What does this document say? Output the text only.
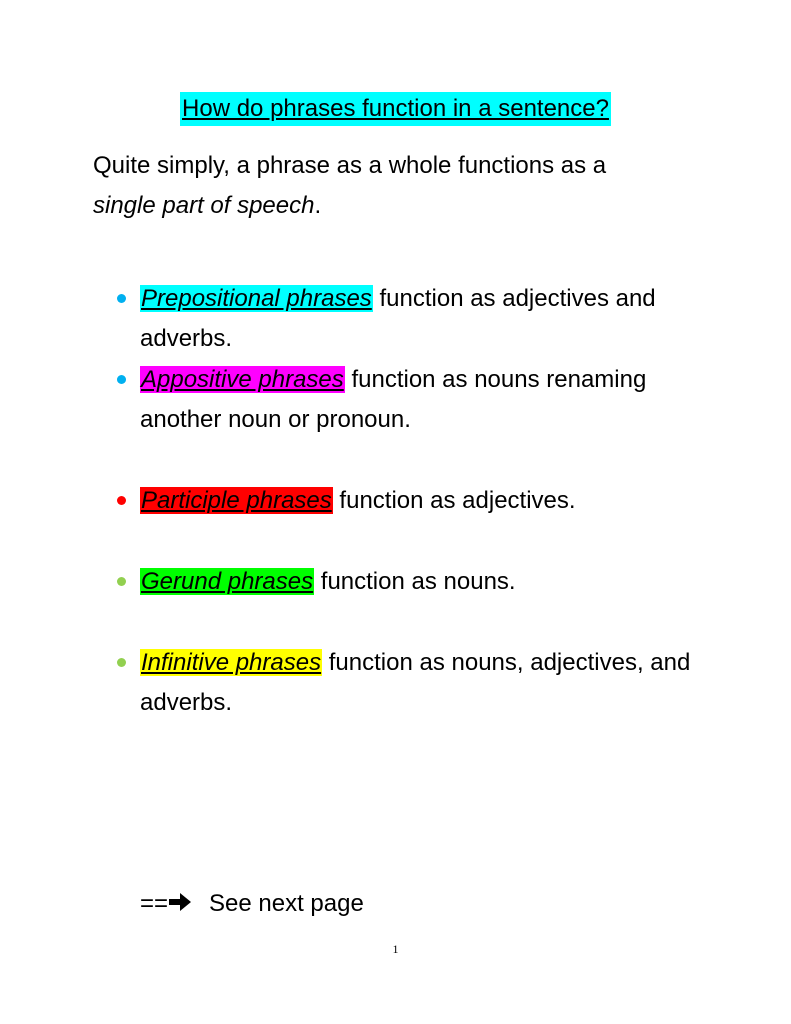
How do phrases function in a sentence?
Quite simply, a phrase as a whole functions as a
single part of speech.
Prepositional phrases function as adjectives and adverbs.
Appositive phrases function as nouns renaming another noun or pronoun.
Participle phrases function as adjectives.
Gerund phrases function as nouns.
Infinitive phrases function as nouns, adjectives, and adverbs.
== See next page
1
